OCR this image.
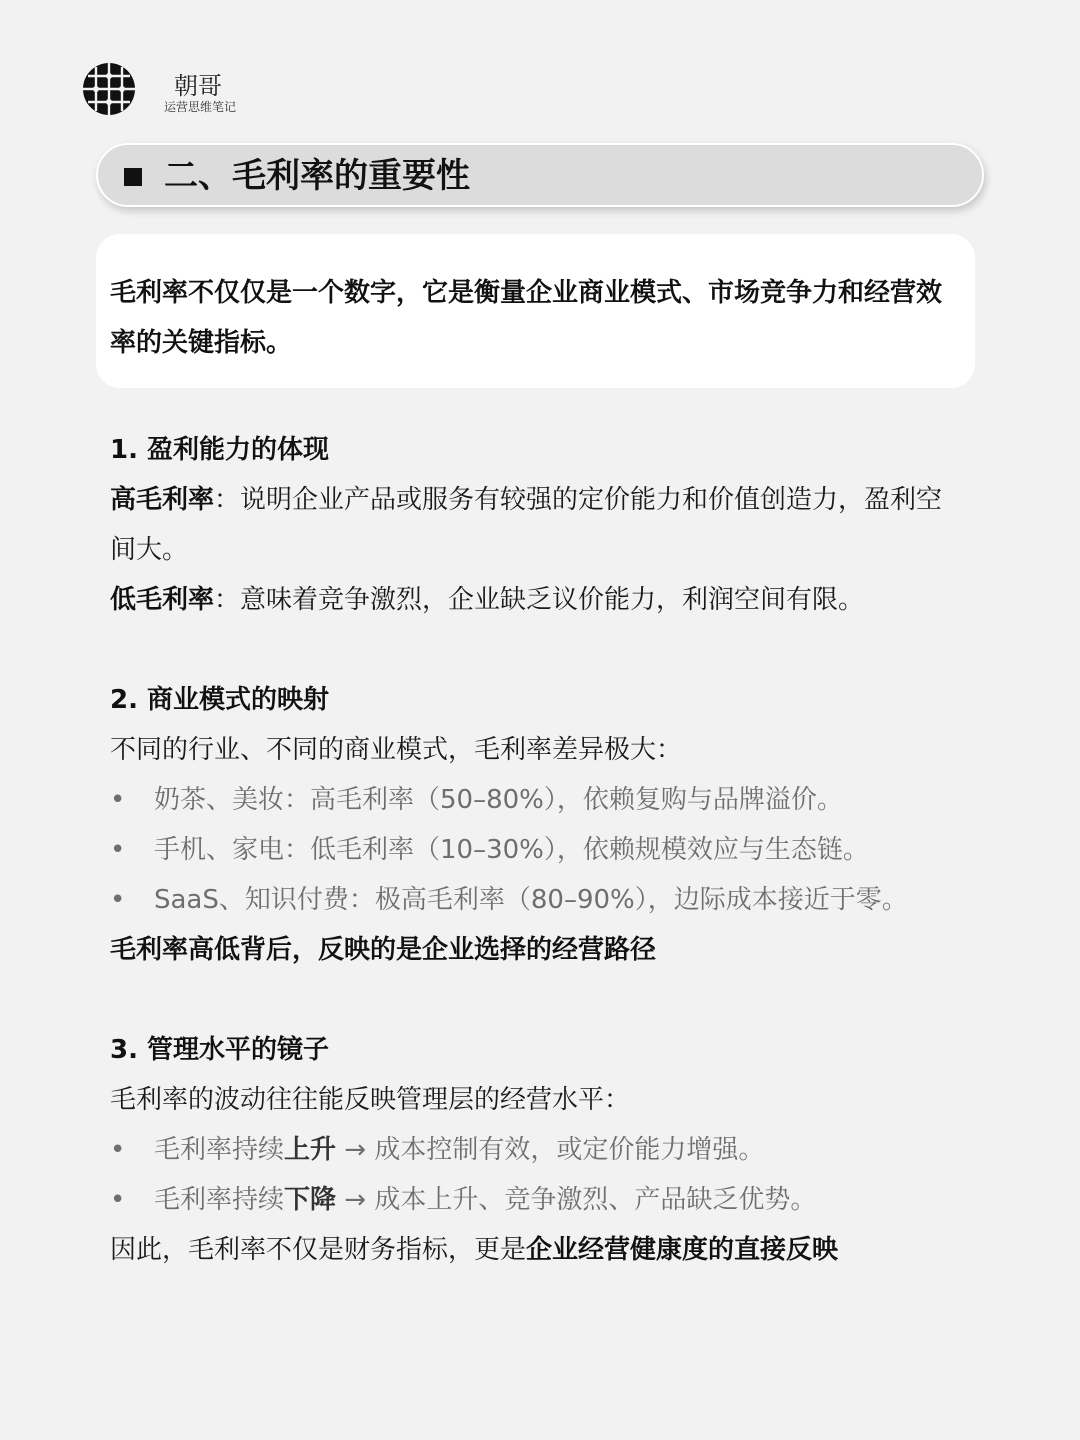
朝哥
运营思维笔记
二、毛利率的重要性
毛利率不仅仅是一个数字，它是衡量企业商业模式、市场竞争力和经营效率的关键指标。
1. 盈利能力的体现
高毛利率：说明企业产品或服务有较强的定价能力和价值创造力，盈利空间大。
低毛利率：意味着竞争激烈，企业缺乏议价能力，利润空间有限。
2. 商业模式的映射
不同的行业、不同的商业模式，毛利率差异极大：
• 奶茶、美妆：高毛利率（50–80%），依赖复购与品牌溢价。
• 手机、家电：低毛利率（10–30%），依赖规模效应与生态链。
• SaaS、知识付费：极高毛利率（80–90%），边际成本接近于零。
毛利率高低背后，反映的是企业选择的经营路径
3. 管理水平的镜子
毛利率的波动往往能反映管理层的经营水平：
• 毛利率持续上升 → 成本控制有效，或定价能力增强。
• 毛利率持续下降 → 成本上升、竞争激烈、产品缺乏优势。
因此，毛利率不仅是财务指标，更是企业经营健康度的直接反映
